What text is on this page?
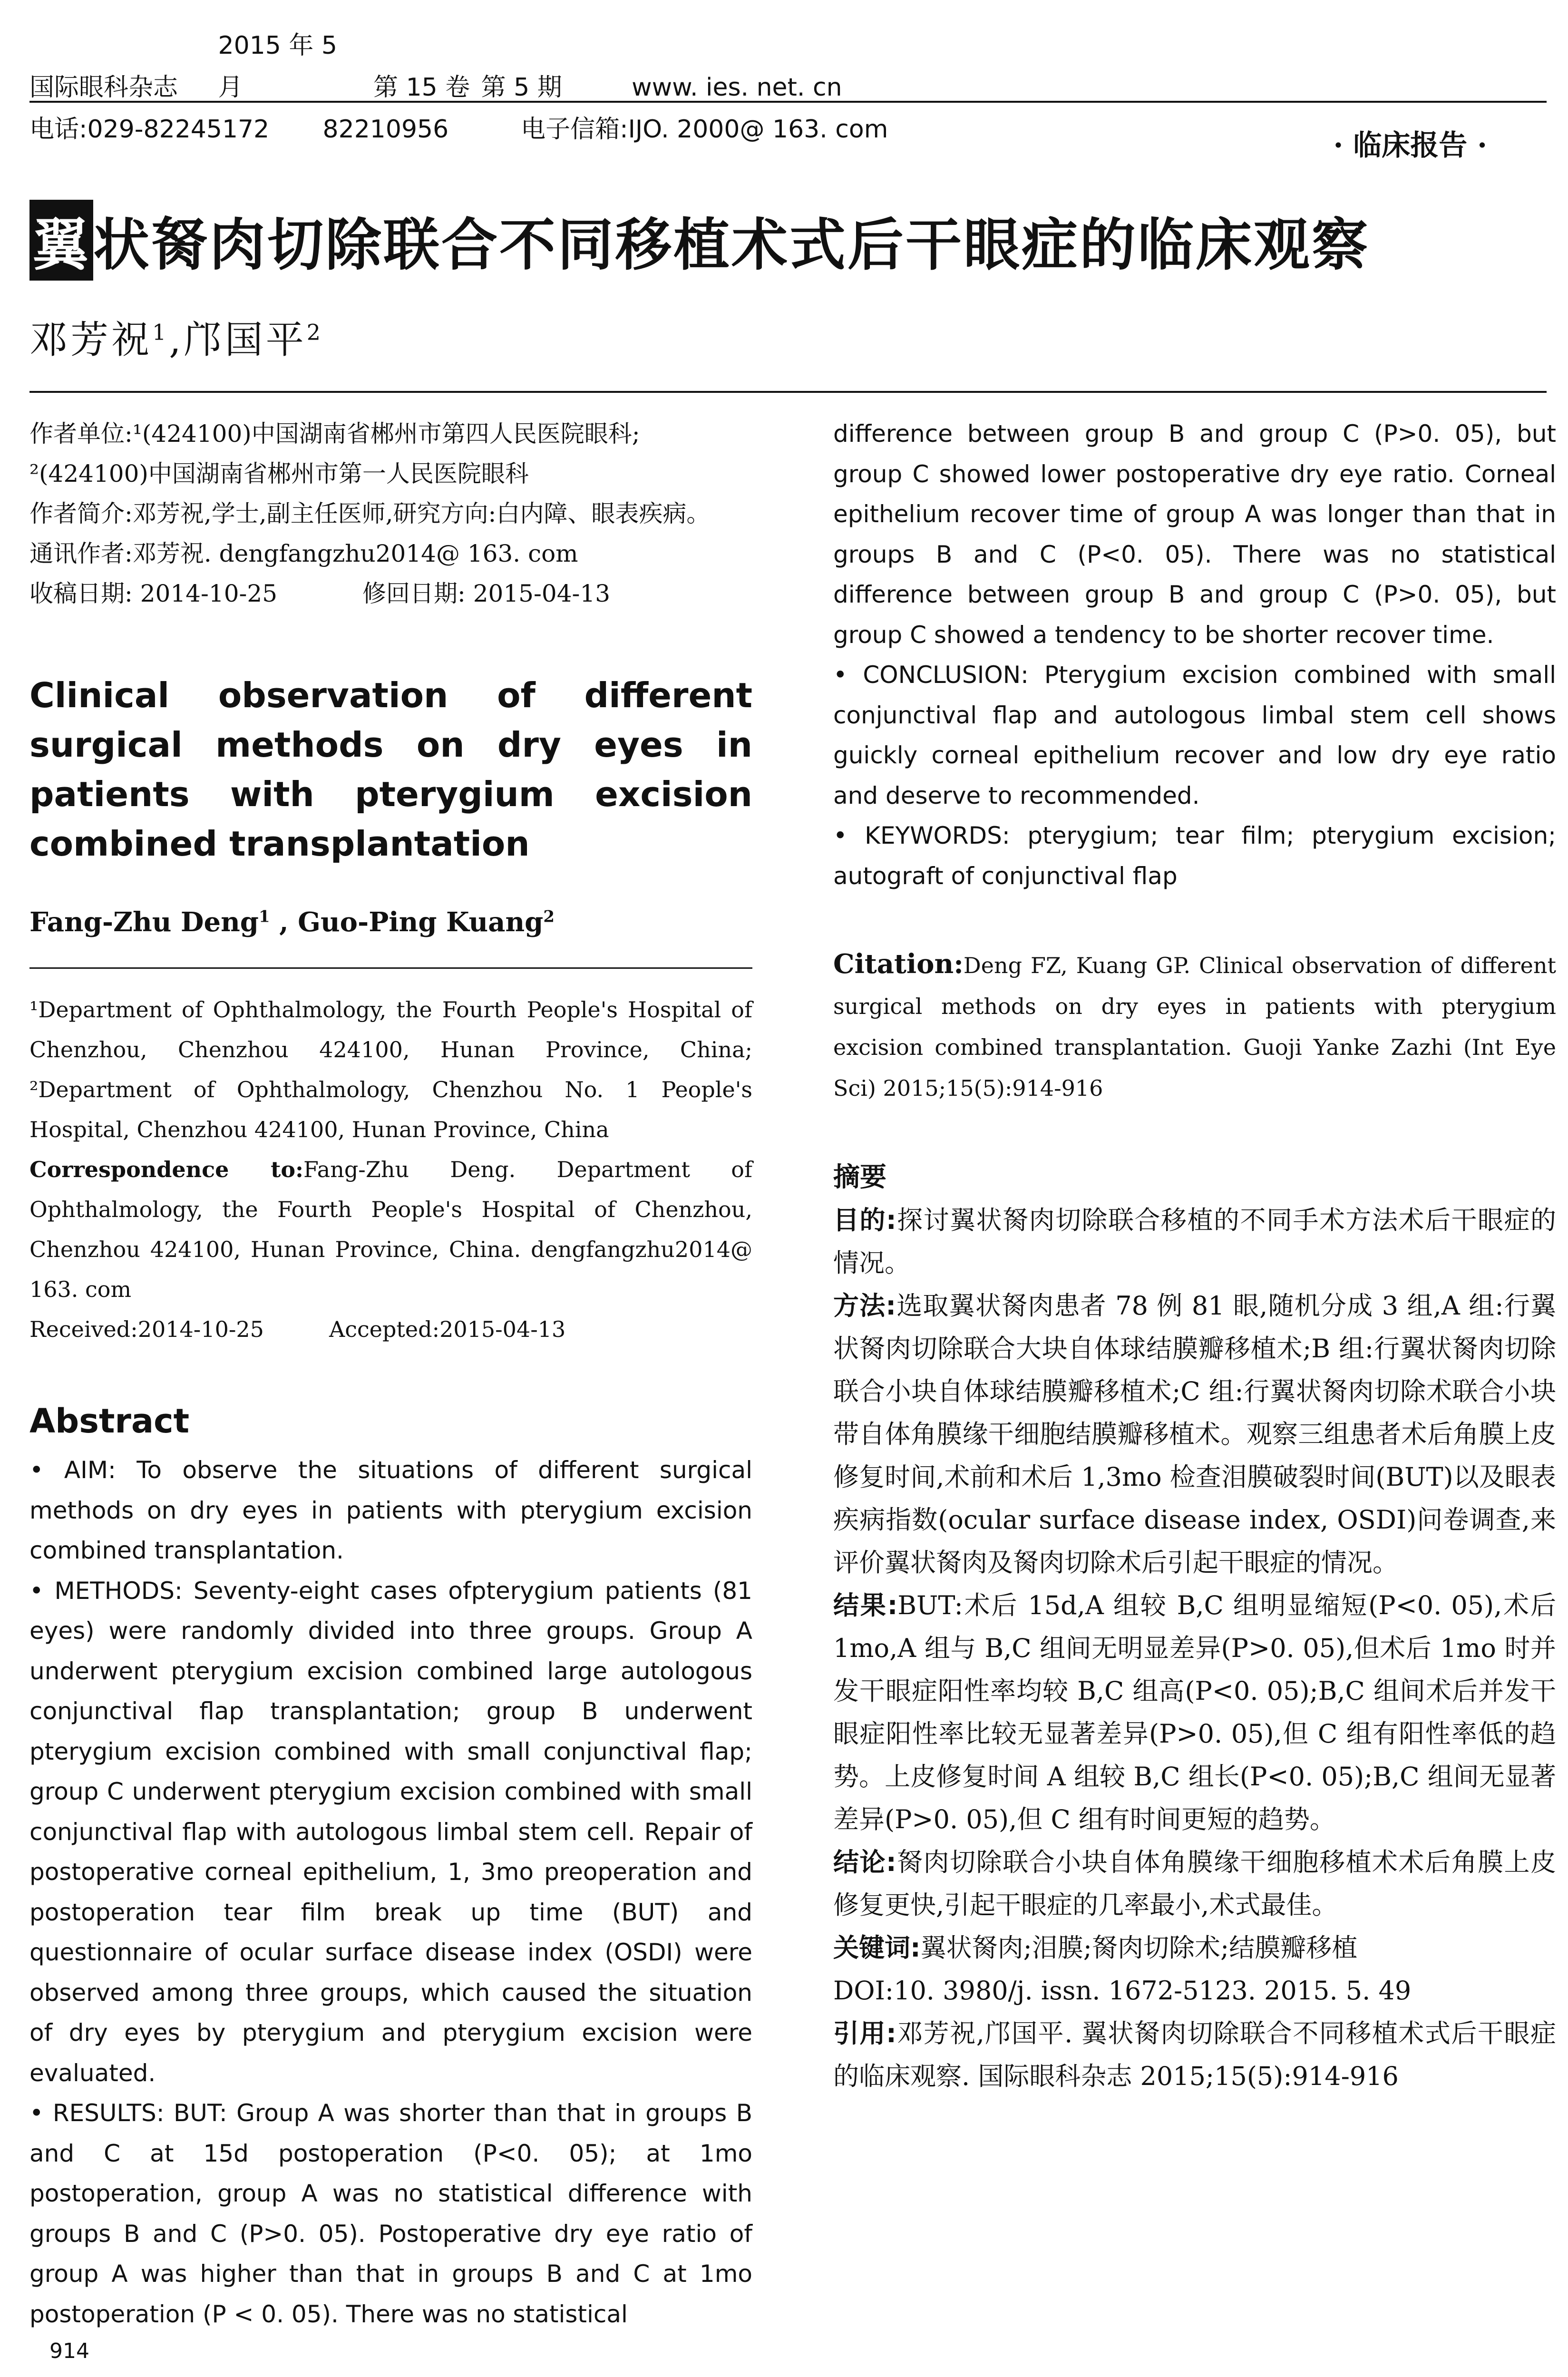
国际眼科杂志 2015 年 5 月	第 15 卷 第 5 期	www. ies. net. cn
电话:029-82245172 82210956	电子信箱:IJO. 2000@ 163. com	· 临床报告 ·
翼状胬肉切除联合不同移植术式后干眼症的临床观察
邓芳祝$^1$,邝国平$^2$

作者单位:¹(424100)中国湖南省郴州市第四人民医院眼科;

²(424100)中国湖南省郴州市第一人民医院眼科

作者简介:邓芳祝,学士,副主任医师,研究方向:白内障、眼表疾病。

通讯作者:邓芳祝. dengfangzhu2014@ 163. com

收稿日期: 2014-10-25	修回日期: 2015-04-13

Clinical observation of different surgical methods on dry eyes in patients with pterygium excision combined transplantation
Fang-Zhu Deng$^1$ , Guo-Ping Kuang$^2$

¹Department of Ophthalmology, the Fourth People's Hospital of Chenzhou, Chenzhou 424100, Hunan Province, China; ²Department of Ophthalmology, Chenzhou No. 1 People's Hospital, Chenzhou 424100, Hunan Province, China

Correspondence to:Fang-Zhu Deng. Department of Ophthalmology, the Fourth People's Hospital of Chenzhou, Chenzhou 424100, Hunan Province, China. dengfangzhu2014@ 163. com

Received:2014-10-25	Accepted:2015-04-13

Abstract

• AIM: To observe the situations of different surgical methods on dry eyes in patients with pterygium excision combined transplantation.

• METHODS: Seventy-eight cases ofpterygium patients (81 eyes) were randomly divided into three groups. Group A underwent pterygium excision combined large autologous conjunctival flap transplantation; group B underwent pterygium excision combined with small conjunctival flap; group C underwent pterygium excision combined with small conjunctival flap with autologous limbal stem cell. Repair of postoperative corneal epithelium, 1, 3mo preoperation and postoperation tear film break up time (BUT) and questionnaire of ocular surface disease index (OSDI) were observed among three groups, which caused the situation of dry eyes by pterygium and pterygium excision were evaluated.

• RESULTS: BUT: Group A was shorter than that in groups B and C at 15d postoperation (P<0. 05); at 1mo postoperation, group A was no statistical difference with groups B and C (P>0. 05). Postoperative dry eye ratio of group A was higher than that in groups B and C at 1mo postoperation (P < 0. 05). There was no statistical

difference between group B and group C (P>0. 05), but group C showed lower postoperative dry eye ratio. Corneal epithelium recover time of group A was longer than that in groups B and C (P<0. 05). There was no statistical difference between group B and group C (P>0. 05), but group C showed a tendency to be shorter recover time.

• CONCLUSION: Pterygium excision combined with small conjunctival flap and autologous limbal stem cell shows guickly corneal epithelium recover and low dry eye ratio and deserve to recommended.

• KEYWORDS: pterygium; tear film; pterygium excision; autograft of conjunctival flap

Citation:Deng FZ, Kuang GP. Clinical observation of different surgical methods on dry eyes in patients with pterygium excision combined transplantation. Guoji Yanke Zazhi (Int Eye Sci) 2015;15(5):914-916
摘要

目的:探讨翼状胬肉切除联合移植的不同手术方法术后干眼症的情况。

方法:选取翼状胬肉患者 78 例 81 眼,随机分成 3 组,A 组:行翼状胬肉切除联合大块自体球结膜瓣移植术;B 组:行翼状胬肉切除联合小块自体球结膜瓣移植术;C 组:行翼状胬肉切除术联合小块带自体角膜缘干细胞结膜瓣移植术。观察三组患者术后角膜上皮修复时间,术前和术后 1,3mo 检查泪膜破裂时间(BUT)以及眼表疾病指数(ocular surface disease index, OSDI)问卷调查,来评价翼状胬肉及胬肉切除术后引起干眼症的情况。

结果:BUT:术后 15d,A 组较 B,C 组明显缩短(P<0. 05),术后 1mo,A 组与 B,C 组间无明显差异(P>0. 05),但术后 1mo 时并发干眼症阳性率均较 B,C 组高(P<0. 05);B,C 组间术后并发干眼症阳性率比较无显著差异(P>0. 05),但 C 组有阳性率低的趋势。上皮修复时间 A 组较 B,C 组长(P<0. 05);B,C 组间无显著差异(P>0. 05),但 C 组有时间更短的趋势。

结论:胬肉切除联合小块自体角膜缘干细胞移植术术后角膜上皮修复更快,引起干眼症的几率最小,术式最佳。

关键词:翼状胬肉;泪膜;胬肉切除术;结膜瓣移植

DOI:10. 3980/j. issn. 1672-5123. 2015. 5. 49

引用:邓芳祝,邝国平. 翼状胬肉切除联合不同移植术式后干眼症的临床观察. 国际眼科杂志 2015;15(5):914-916

914
